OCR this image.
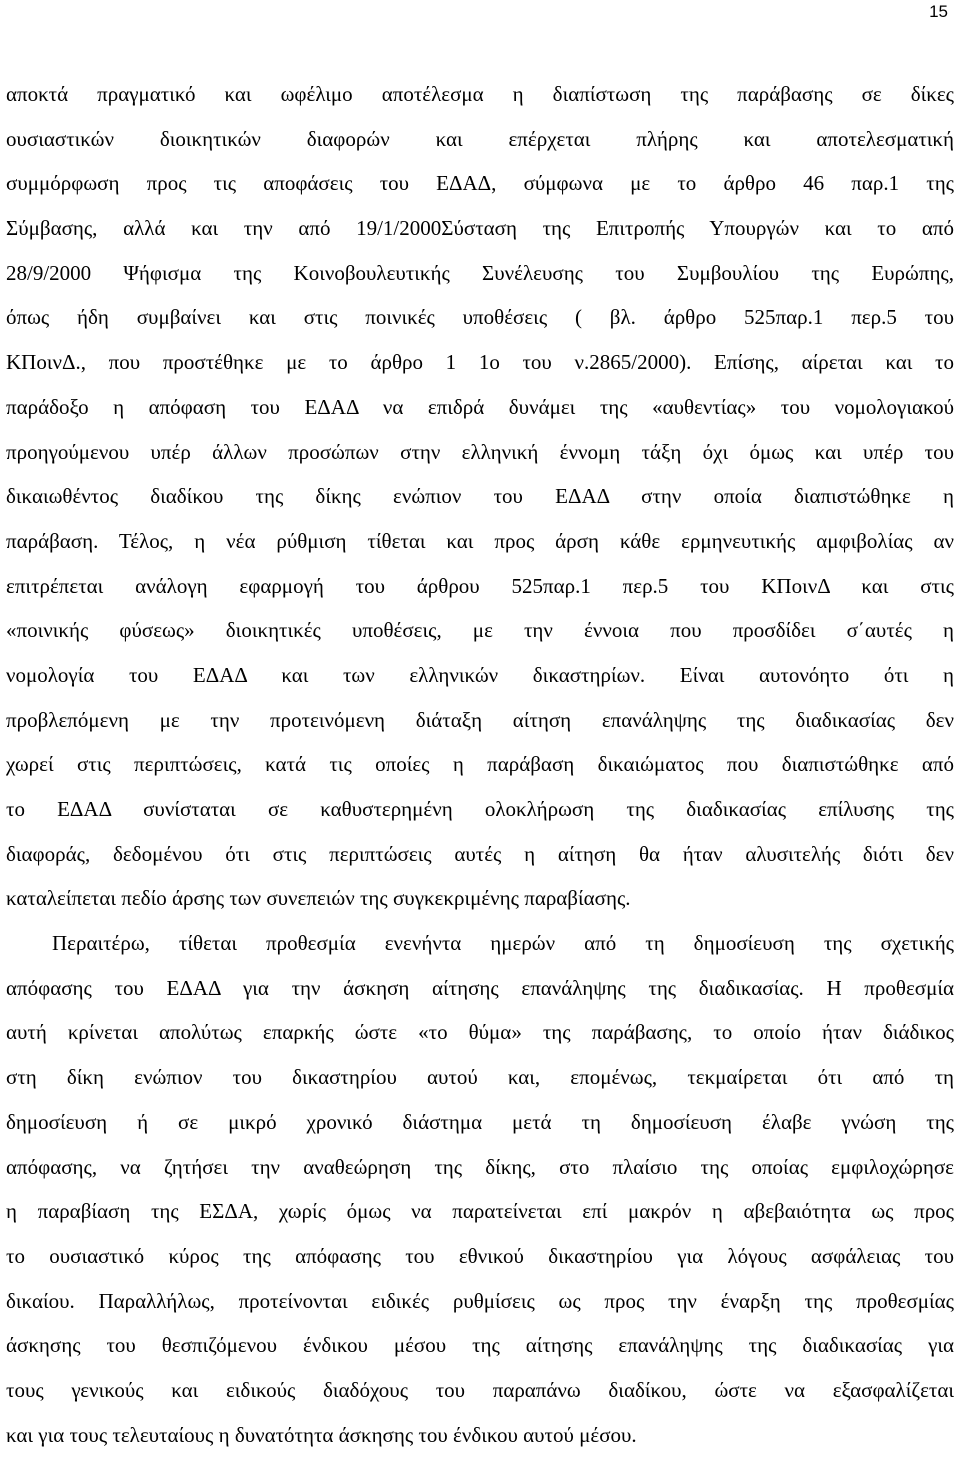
15

αποκτά πραγματικό και ωφέλιμο αποτέλεσμα η διαπίστωση της παράβασης σε δίκες
ουσιαστικών διοικητικών διαφορών και επέρχεται πλήρης και αποτελεσματική
συμμόρφωση προς τις αποφάσεις του ΕΔΑΔ, σύμφωνα με το άρθρο 46 παρ.1 της
Σύμβασης, αλλά και την από 19/1/2000Σύσταση της Επιτροπής Υπουργών και το από
28/9/2000 Ψήφισμα της Κοινοβουλευτικής Συνέλευσης του Συμβουλίου της Ευρώπης,
όπως ήδη συμβαίνει και στις ποινικές υποθέσεις ( βλ. άρθρο 525παρ.1 περ.5 του
ΚΠοινΔ., που προστέθηκε με το άρθρο 1 1ο του ν.2865/2000). Επίσης, αίρεται και το
παράδοξο η απόφαση του ΕΔΑΔ να επιδρά δυνάμει της «αυθεντίας» του νομολογιακού
προηγούμενου υπέρ άλλων προσώπων στην ελληνική έννομη τάξη όχι όμως και υπέρ του
δικαιωθέντος διαδίκου της δίκης ενώπιον του ΕΔΑΔ στην οποία διαπιστώθηκε η
παράβαση. Τέλος, η νέα ρύθμιση τίθεται και προς άρση κάθε ερμηνευτικής αμφιβολίας αν
επιτρέπεται ανάλογη εφαρμογή του άρθρου 525παρ.1 περ.5 του ΚΠοινΔ και στις
«ποινικής φύσεως» διοικητικές υποθέσεις, με την έννοια που προσδίδει σ΄αυτές η
νομολογία του ΕΔΑΔ και των ελληνικών δικαστηρίων. Είναι αυτονόητο ότι η
προβλεπόμενη με την προτεινόμενη διάταξη αίτηση επανάληψης της διαδικασίας δεν
χωρεί στις περιπτώσεις, κατά τις οποίες η παράβαση δικαιώματος που διαπιστώθηκε από
το ΕΔΑΔ συνίσταται σε καθυστερημένη ολοκλήρωση της διαδικασίας επίλυσης της
διαφοράς, δεδομένου ότι στις περιπτώσεις αυτές η αίτηση θα ήταν αλυσιτελής διότι δεν
καταλείπεται πεδίο άρσης των συνεπειών της συγκεκριμένης παραβίασης.

Περαιτέρω, τίθεται προθεσμία ενενήντα ημερών από τη δημοσίευση της σχετικής
απόφασης του ΕΔΑΔ για την άσκηση αίτησης επανάληψης της διαδικασίας. Η προθεσμία
αυτή κρίνεται απολύτως επαρκής ώστε «το θύμα» της παράβασης, το οποίο ήταν διάδικος
στη δίκη ενώπιον του δικαστηρίου αυτού και, επομένως, τεκμαίρεται ότι από τη
δημοσίευση ή σε μικρό χρονικό διάστημα μετά τη δημοσίευση έλαβε γνώση της
απόφασης, να ζητήσει την αναθεώρηση της δίκης, στο πλαίσιο της οποίας εμφιλοχώρησε
η παραβίαση της ΕΣΔΑ, χωρίς όμως να παρατείνεται επί μακρόν η αβεβαιότητα ως προς
το ουσιαστικό κύρος της απόφασης του εθνικού δικαστηρίου για λόγους ασφάλειας του
δικαίου. Παραλλήλως, προτείνονται ειδικές ρυθμίσεις ως προς την έναρξη της προθεσμίας
άσκησης του θεσπιζόμενου ένδικου μέσου της αίτησης επανάληψης της διαδικασίας για
τους γενικούς και ειδικούς διαδόχους του παραπάνω διαδίκου, ώστε να εξασφαλίζεται
και για τους τελευταίους η δυνατότητα άσκησης του ένδικου αυτού μέσου.
